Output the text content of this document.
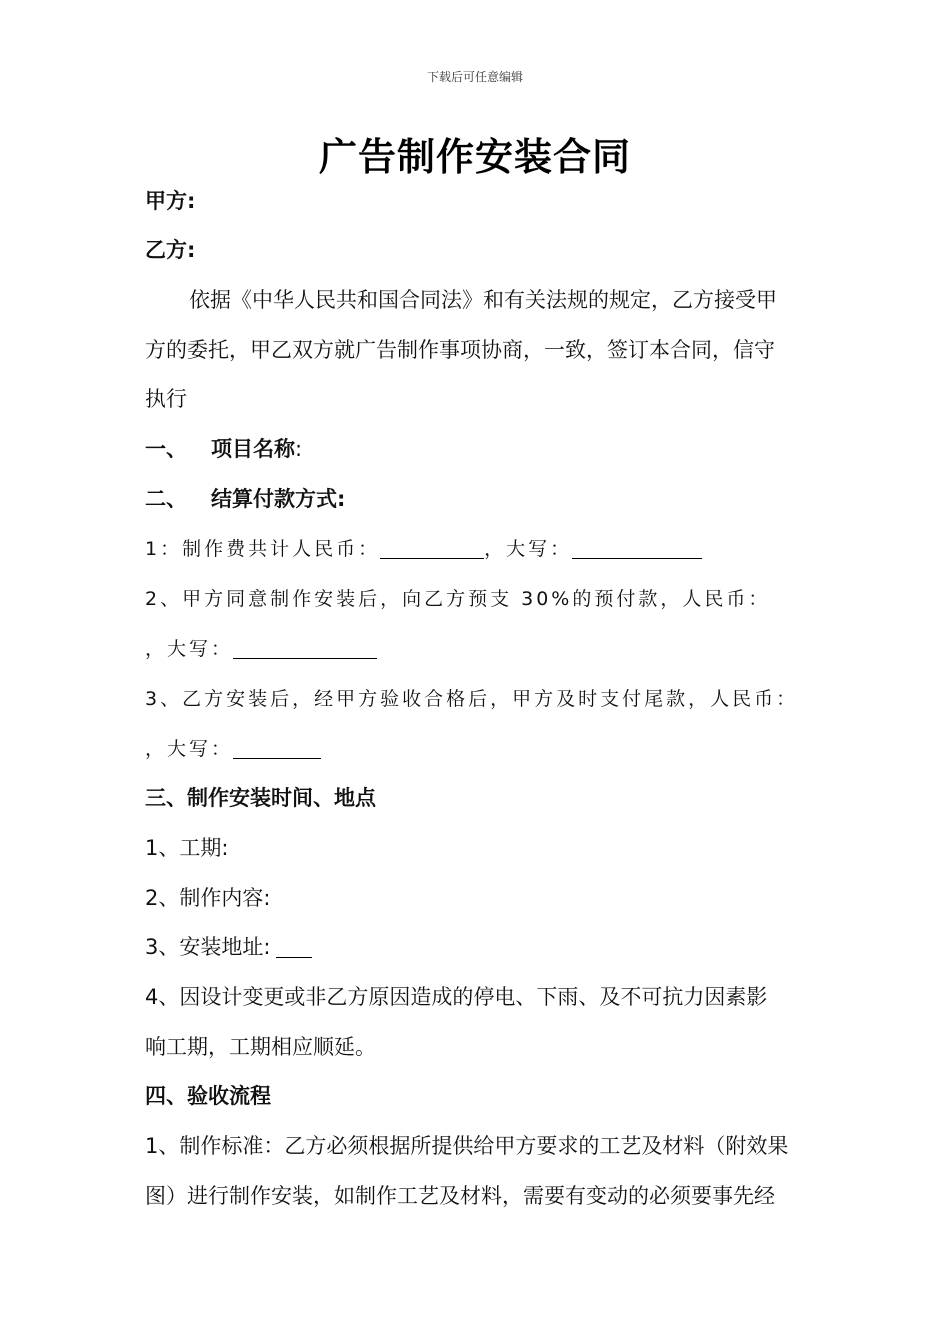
下载后可任意编辑
广告制作安装合同
甲方:
乙方:
依据《中华人民共和国合同法》和有关法规的规定，乙方接受甲
方的委托，甲乙双方就广告制作事项协商，一致，签订本合同，信守
执行
一、 项目名称:
二、 结算付款方式:
1：制作费共计人民币：	，大写：
2、甲方同意制作安装后，向乙方预支 30%的预付款，人民币：
，大写：
3、乙方安装后，经甲方验收合格后，甲方及时支付尾款，人民币：
，大写：
三、制作安装时间、地点
1、工期:
2、制作内容:
3、安装地址:
4、因设计变更或非乙方原因造成的停电、下雨、及不可抗力因素影
响工期，工期相应顺延。
四、验收流程
1、制作标准：乙方必须根据所提供给甲方要求的工艺及材料（附效果
图）进行制作安装，如制作工艺及材料，需要有变动的必须要事先经
